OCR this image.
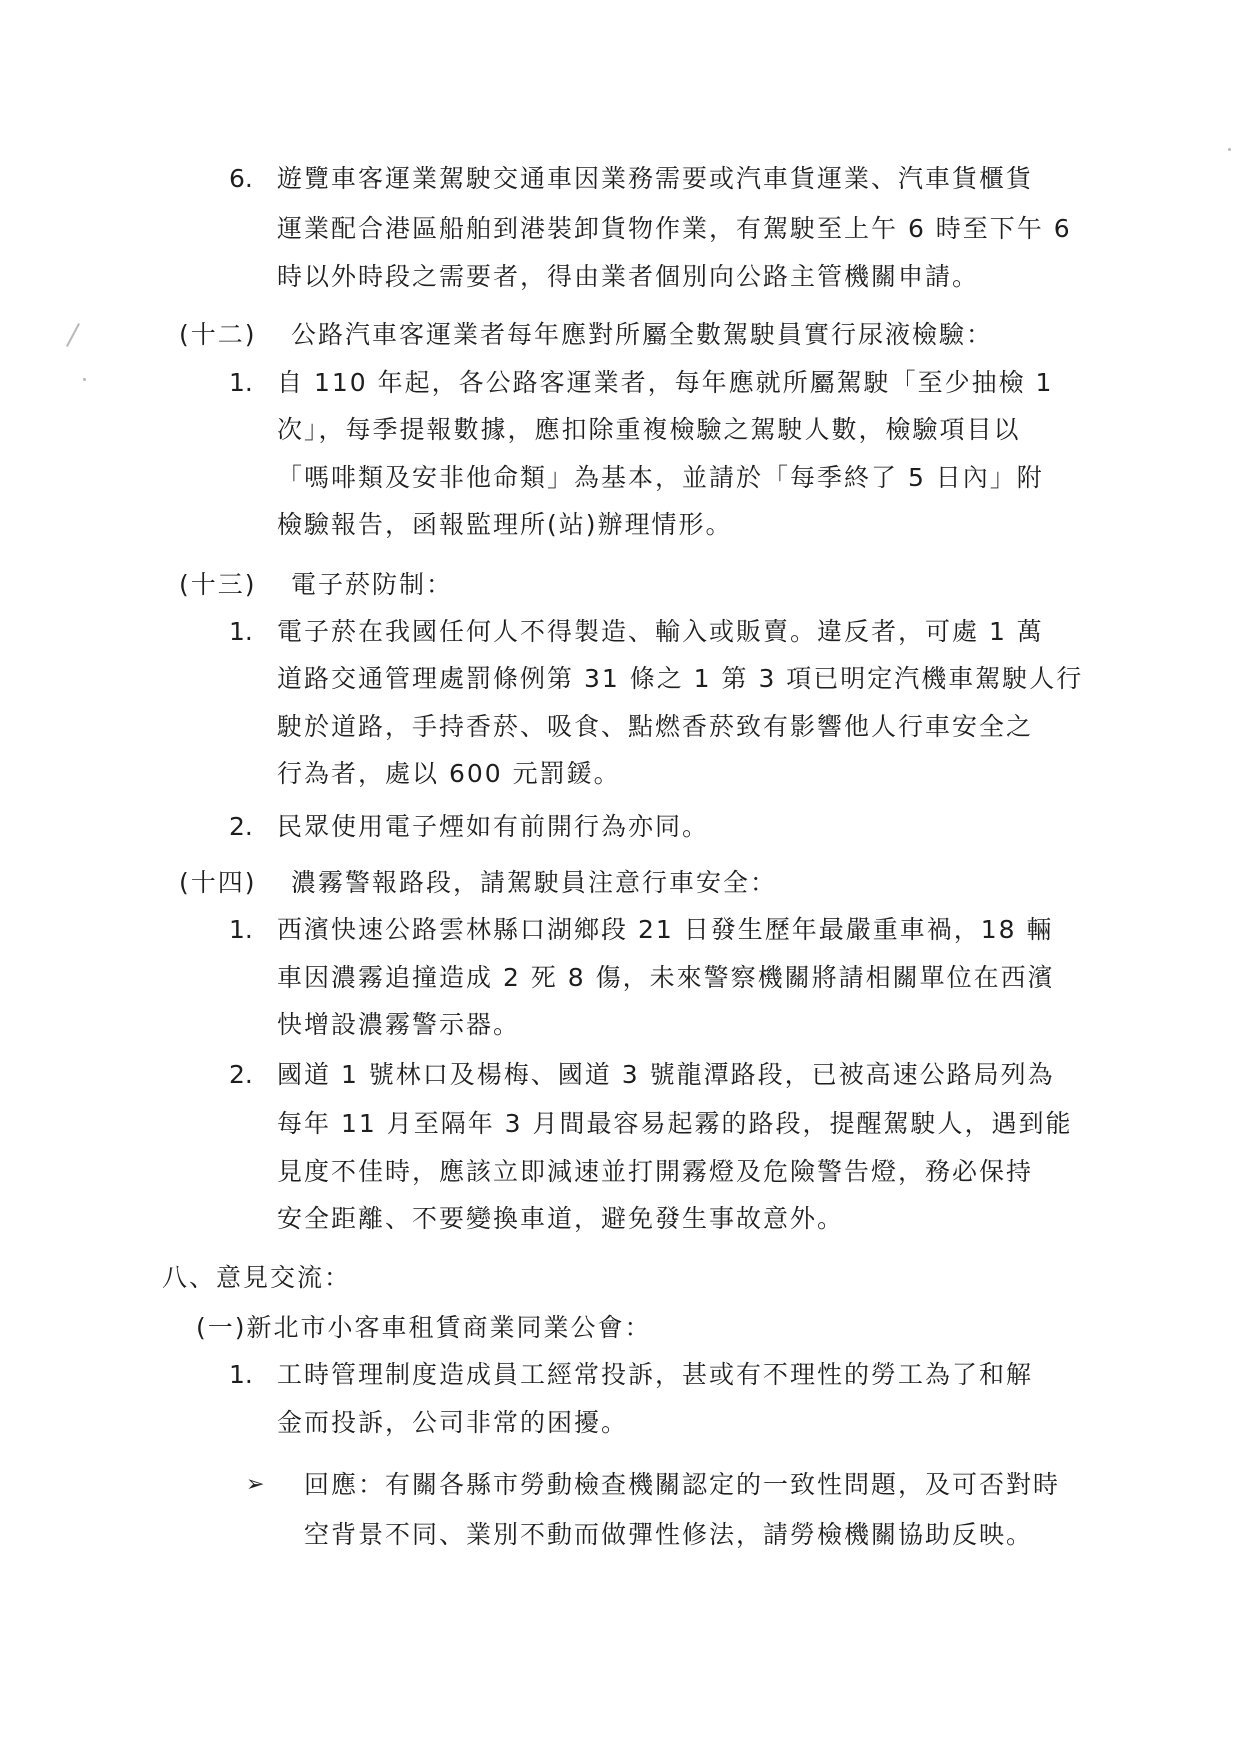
6. 遊覽車客運業駕駛交通車因業務需要或汽車貨運業、汽車貨櫃貨
運業配合港區船舶到港裝卸貨物作業，有駕駛至上午 6 時至下午 6
時以外時段之需要者，得由業者個別向公路主管機關申請。
(十二) 公路汽車客運業者每年應對所屬全數駕駛員實行尿液檢驗：
1. 自 110 年起，各公路客運業者，每年應就所屬駕駛「至少抽檢 1
次」，每季提報數據，應扣除重複檢驗之駕駛人數，檢驗項目以
「嗎啡類及安非他命類」為基本，並請於「每季終了 5 日內」附
檢驗報告，函報監理所(站)辦理情形。
(十三) 電子菸防制：
1. 電子菸在我國任何人不得製造、輸入或販賣。違反者，可處 1 萬
道路交通管理處罰條例第 31 條之 1 第 3 項已明定汽機車駕駛人行
駛於道路，手持香菸、吸食、點燃香菸致有影響他人行車安全之
行為者，處以 600 元罰鍰。
2. 民眾使用電子煙如有前開行為亦同。
(十四) 濃霧警報路段，請駕駛員注意行車安全：
1. 西濱快速公路雲林縣口湖鄉段 21 日發生歷年最嚴重車禍，18 輛
車因濃霧追撞造成 2 死 8 傷，未來警察機關將請相關單位在西濱
快增設濃霧警示器。
2. 國道 1 號林口及楊梅、國道 3 號龍潭路段，已被高速公路局列為
每年 11 月至隔年 3 月間最容易起霧的路段，提醒駕駛人，遇到能
見度不佳時，應該立即減速並打開霧燈及危險警告燈，務必保持
安全距離、不要變換車道，避免發生事故意外。
八、意見交流：
(一)新北市小客車租賃商業同業公會：
1. 工時管理制度造成員工經常投訴，甚或有不理性的勞工為了和解
金而投訴，公司非常的困擾。
➢ 回應：有關各縣市勞動檢查機關認定的一致性問題，及可否對時
空背景不同、業別不動而做彈性修法，請勞檢機關協助反映。
